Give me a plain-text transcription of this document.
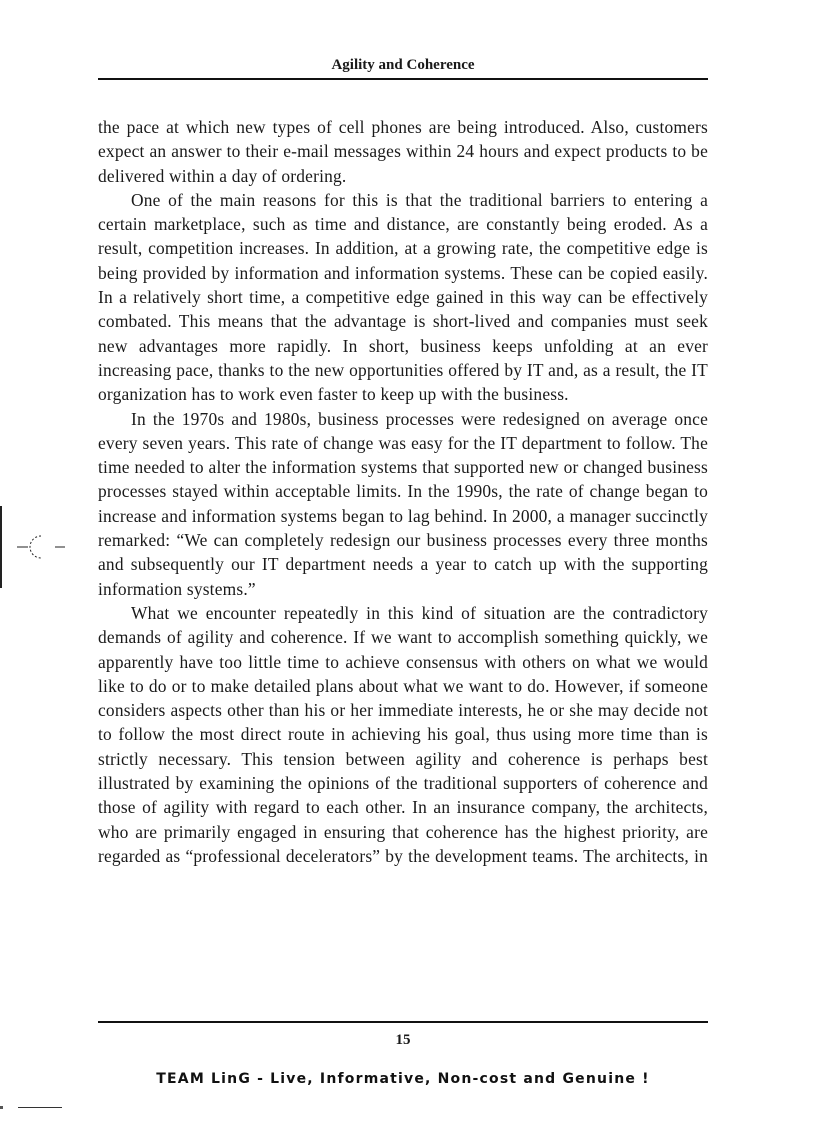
Agility and Coherence

the pace at which new types of cell phones are being introduced. Also, customers expect an answer to their e-mail messages within 24 hours and expect products to be delivered within a day of ordering.

One of the main reasons for this is that the traditional barriers to entering a certain marketplace, such as time and distance, are constantly being eroded. As a result, competition increases. In addition, at a growing rate, the competitive edge is being provided by information and information systems. These can be copied easily. In a relatively short time, a competitive edge gained in this way can be effectively combated. This means that the advantage is short-lived and companies must seek new advantages more rapidly. In short, business keeps unfolding at an ever increasing pace, thanks to the new opportunities offered by IT and, as a result, the IT organization has to work even faster to keep up with the business.

In the 1970s and 1980s, business processes were redesigned on average once every seven years. This rate of change was easy for the IT department to follow. The time needed to alter the information systems that supported new or changed business processes stayed within acceptable limits. In the 1990s, the rate of change began to increase and information systems began to lag behind. In 2000, a manager succinctly remarked: “We can completely redesign our business processes every three months and subsequently our IT department needs a year to catch up with the supporting information systems.”

What we encounter repeatedly in this kind of situation are the contradictory demands of agility and coherence. If we want to accomplish something quickly, we apparently have too little time to achieve consensus with others on what we would like to do or to make detailed plans about what we want to do. However, if someone considers aspects other than his or her immediate interests, he or she may decide not to follow the most direct route in achieving his goal, thus using more time than is strictly necessary. This tension between agility and coherence is perhaps best illustrated by examining the opinions of the traditional supporters of coherence and those of agility with regard to each other. In an insurance company, the architects, who are primarily engaged in ensuring that coherence has the highest priority, are regarded as “professional decelerators” by the development teams. The architects, in

15
TEAM LinG - Live, Informative, Non-cost and Genuine !
